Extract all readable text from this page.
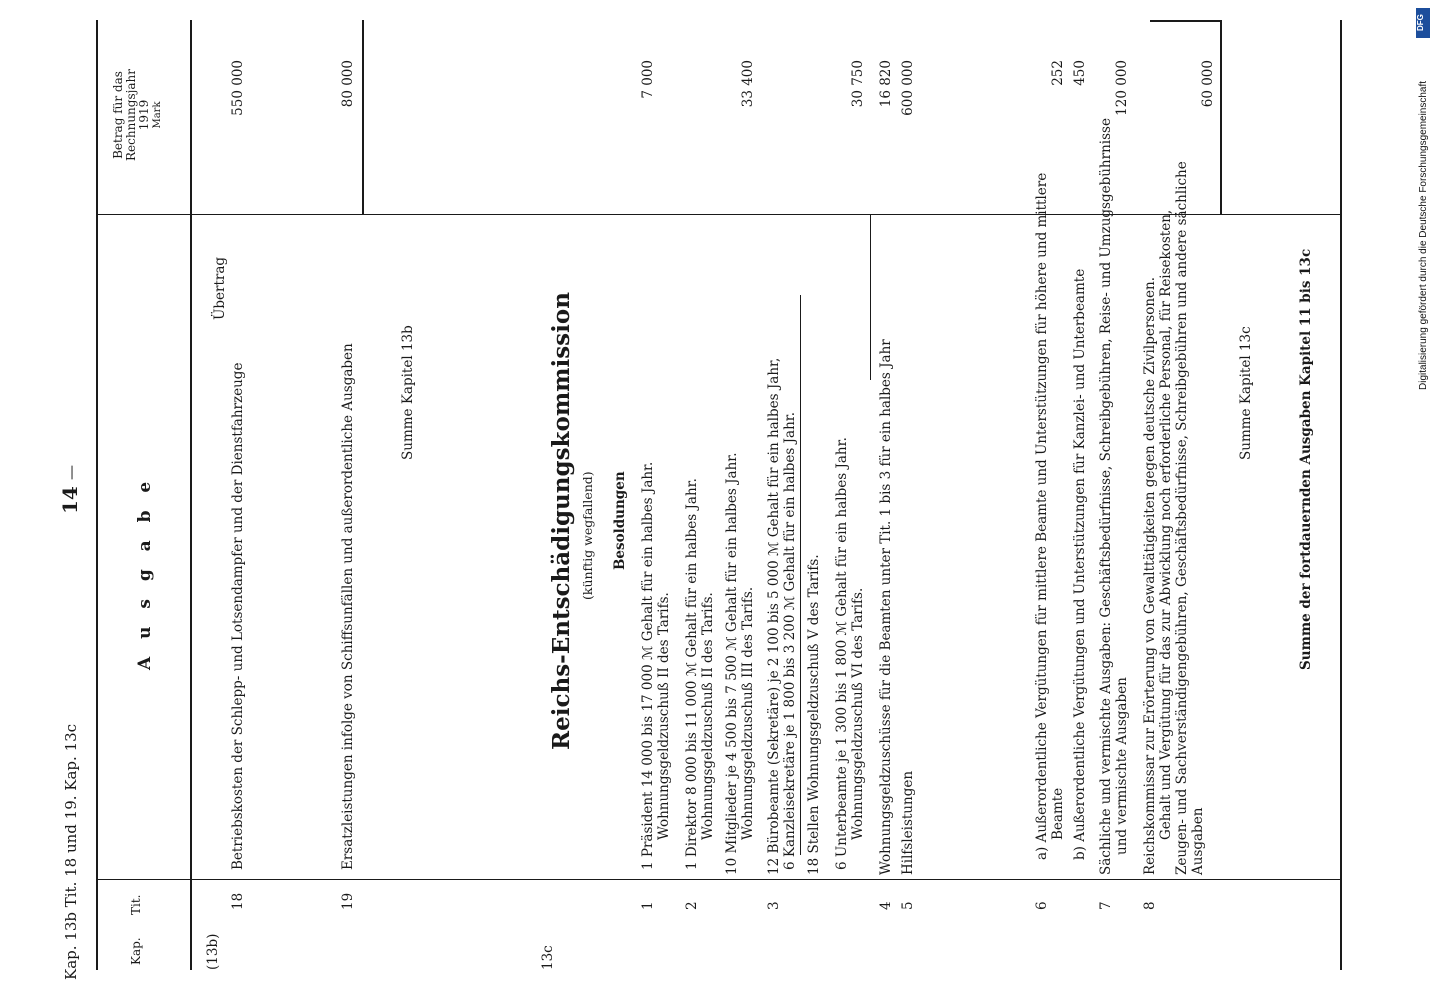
Kap. 13b Tit. 18 und 19. Kap. 13c
14
—
Kap.
Tit.
A u s g a b e
Betrag für das Rechnungsjahr 1919 Mark
(13b)
18
Betriebskosten der Schlepp- und Lotsendampfer und der Dienstfahrzeuge
Übertrag
550 000
19
Ersatzleistungen infolge von Schiffsunfällen und außerordentliche Ausgaben
80 000
Summe Kapitel 13b
13c
Reichs-Entschädigungskommission (künftig wegfallend) Besoldungen
1
1 Präsident 14 000 bis 17 000 ℳ Gehalt für ein halbes Jahr. Wohnungsgeldzuschuß II des Tarifs.
7 000
2
1 Direktor 8 000 bis 11 000 ℳ Gehalt für ein halbes Jahr. Wohnungsgeldzuschuß II des Tarifs. 10 Mitglieder je 4 500 bis 7 500 ℳ Gehalt für ein halbes Jahr. Wohnungsgeldzuschuß III des Tarifs.
33 400
3
12 Bürobeamte (Sekretäre) je 2 100 bis 5 000 ℳ Gehalt für ein halbes Jahr, 6 Kanzleisekretäre je 1 800 bis 3 200 ℳ Gehalt für ein halbes Jahr. 18 Stellen Wohnungsgeldzuschuß V des Tarifs. 6 Unterbeamte je 1 300 bis 1 800 ℳ Gehalt für ein halbes Jahr. Wohnungsgeldzuschuß VI des Tarifs.
30 750
4
Wohnungsgeldzuschüsse für die Beamten unter Tit. 1 bis 3 für ein halbes Jahr
16 820
5
Hilfsleistungen
600 000
6
a) Außerordentliche Vergütungen für mittlere Beamte und Unterstützungen für höhere und mittlere Beamte
252
b) Außerordentliche Vergütungen und Unterstützungen für Kanzlei- und Unterbeamte
450
7
Sächliche und vermischte Ausgaben: Geschäftsbedürfnisse, Schreibgebühren, Reise- und Umzugsgebührnisse und vermischte Ausgaben
120 000
8
Reichskommissar zur Erörterung von Gewalttätigkeiten gegen deutsche Zivilpersonen. Gehalt und Vergütung für das zur Abwicklung noch erforderliche Personal, für Reisekosten, Zeugen- und Sachverständigengebühren, Geschäftsbedürfnisse, Schreibgebühren und andere sächliche Ausgaben
60 000
Summe Kapitel 13c	Summe der fortdauernden Ausgaben Kapitel 11 bis 13c
DFG
Digitalisierung gefördert durch die Deutsche Forschungsgemeinschaft
